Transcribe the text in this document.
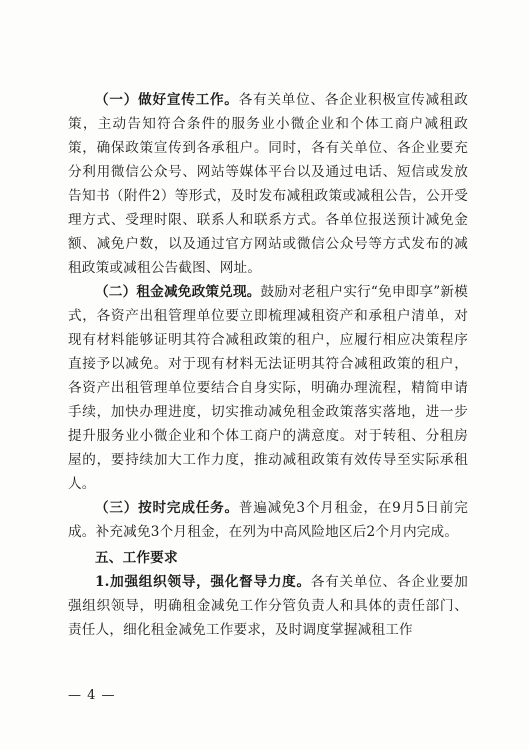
（一）做好宣传工作。各有关单位、各企业积极宣传减租政策，主动告知符合条件的服务业小微企业和个体工商户减租政策，确保政策宣传到各承租户。同时，各有关单位、各企业要充分利用微信公众号、网站等媒体平台以及通过电话、短信或发放告知书（附件2）等形式，及时发布减租政策或减租公告，公开受理方式、受理时限、联系人和联系方式。各单位报送预计减免金额、减免户数，以及通过官方网站或微信公众号等方式发布的减租政策或减租公告截图、网址。

（二）租金减免政策兑现。鼓励对老租户实行“免申即享”新模式，各资产出租管理单位要立即梳理减租资产和承租户清单，对现有材料能够证明其符合减租政策的租户，应履行相应决策程序直接予以减免。对于现有材料无法证明其符合减租政策的租户，各资产出租管理单位要结合自身实际，明确办理流程，精简申请手续，加快办理进度，切实推动减免租金政策落实落地，进一步提升服务业小微企业和个体工商户的满意度。对于转租、分租房屋的，要持续加大工作力度，推动减租政策有效传导至实际承租人。

（三）按时完成任务。普遍减免3个月租金，在9月5日前完成。补充减免3个月租金，在列为中高风险地区后2个月内完成。

五、工作要求

1.加强组织领导，强化督导力度。各有关单位、各企业要加强组织领导，明确租金减免工作分管负责人和具体的责任部门、责任人，细化租金减免工作要求，及时调度掌握减租工作

— 4 —
